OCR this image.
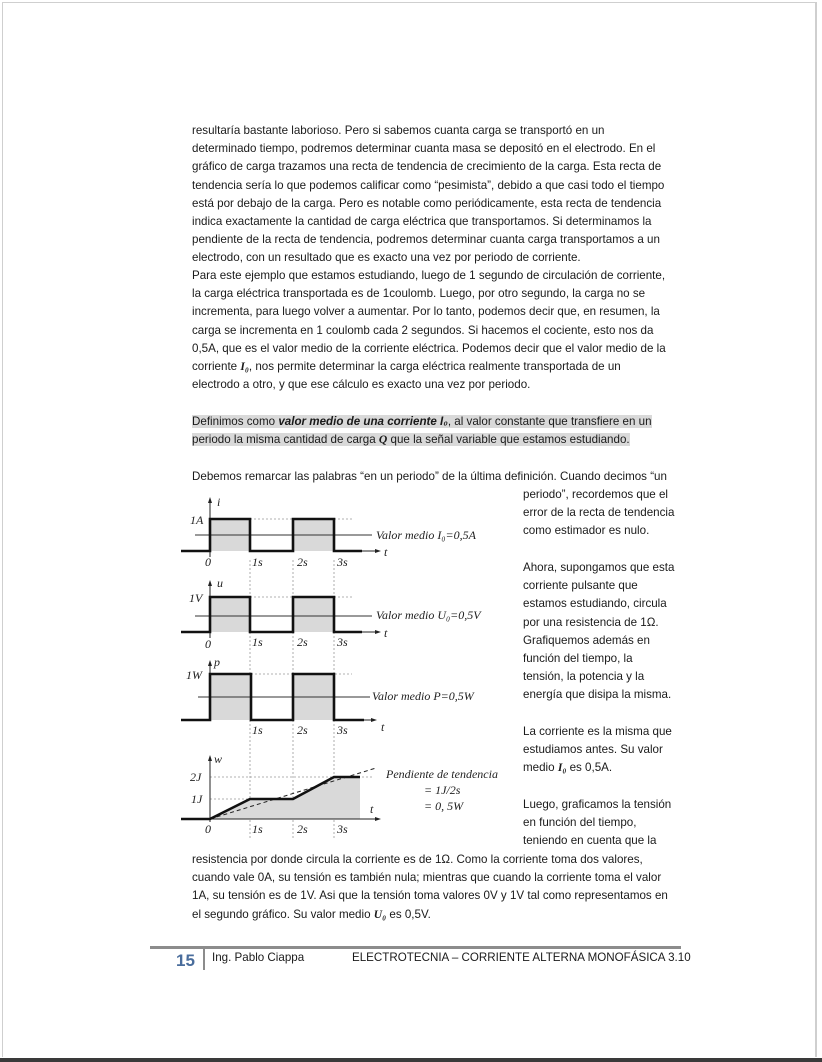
resultaría bastante laborioso. Pero si sabemos cuanta carga se transportó en un
determinado tiempo, podremos determinar cuanta masa se depositó en el electrodo. En el
gráfico de carga trazamos una recta de tendencia de crecimiento de la carga. Esta recta de
tendencia sería lo que podemos calificar como “pesimista”, debido a que casi todo el tiempo
está por debajo de la carga. Pero es notable como periódicamente, esta recta de tendencia
indica exactamente la cantidad de carga eléctrica que transportamos. Si determinamos la
pendiente de la recta de tendencia, podremos determinar cuanta carga transportamos a un
electrodo, con un resultado que es exacto una vez por periodo de corriente.
Para este ejemplo que estamos estudiando, luego de 1 segundo de circulación de corriente,
la carga eléctrica transportada es de 1coulomb. Luego, por otro segundo, la carga no se
incrementa, para luego volver a aumentar. Por lo tanto, podemos decir que, en resumen, la
carga se incrementa en 1 coulomb cada 2 segundos. Si hacemos el cociente, esto nos da
0,5A, que es el valor medio de la corriente eléctrica. Podemos decir que el valor medio de la
corriente I₀, nos permite determinar la carga eléctrica realmente transportada de un
electrodo a otro, y que ese cálculo es exacto una vez por periodo.
Definimos como valor medio de una corriente I₀, al valor constante que transfiere en un
periodo la misma cantidad de carga Q que la señal variable que estamos estudiando.
Debemos remarcar las palabras “en un periodo” de la última definición. Cuando decimos “un
periodo”, recordemos que el
error de la recta de tendencia
como estimador es nulo.
Ahora, supongamos que esta
corriente pulsante que
estamos estudiando, circula
por una resistencia de 1Ω.
Grafiquemos además en
función del tiempo, la
tensión, la potencia y la
energía que disipa la misma.
La corriente es la misma que
estudiamos antes. Su valor
medio I₀ es 0,5A.
Luego, graficamos la tensión
en función del tiempo,
teniendo en cuenta que la
i
1A
Valor medio I₀=0,5A
t
0	1s	2s 3s
u
1V
Valor medio U₀=0,5V
t
0	1s	2s 3s
p
1W
Valor medio P=0,5W
t
1s	2s 3s
w
2J
1J
t
0	1s	2s 3s
Pendiente de tendencia
= 1J/2s
= 0, 5W
resistencia por donde circula la corriente es de 1Ω. Como la corriente toma dos valores,
cuando vale 0A, su tensión es también nula; mientras que cuando la corriente toma el valor
1A, su tensión es de 1V. Asi que la tensión toma valores 0V y 1V tal como representamos en
el segundo gráfico. Su valor medio U₀ es 0,5V.
15 Ing. Pablo Ciappa	ELECTROTECNIA – CORRIENTE ALTERNA MONOFÁSICA 3.10
